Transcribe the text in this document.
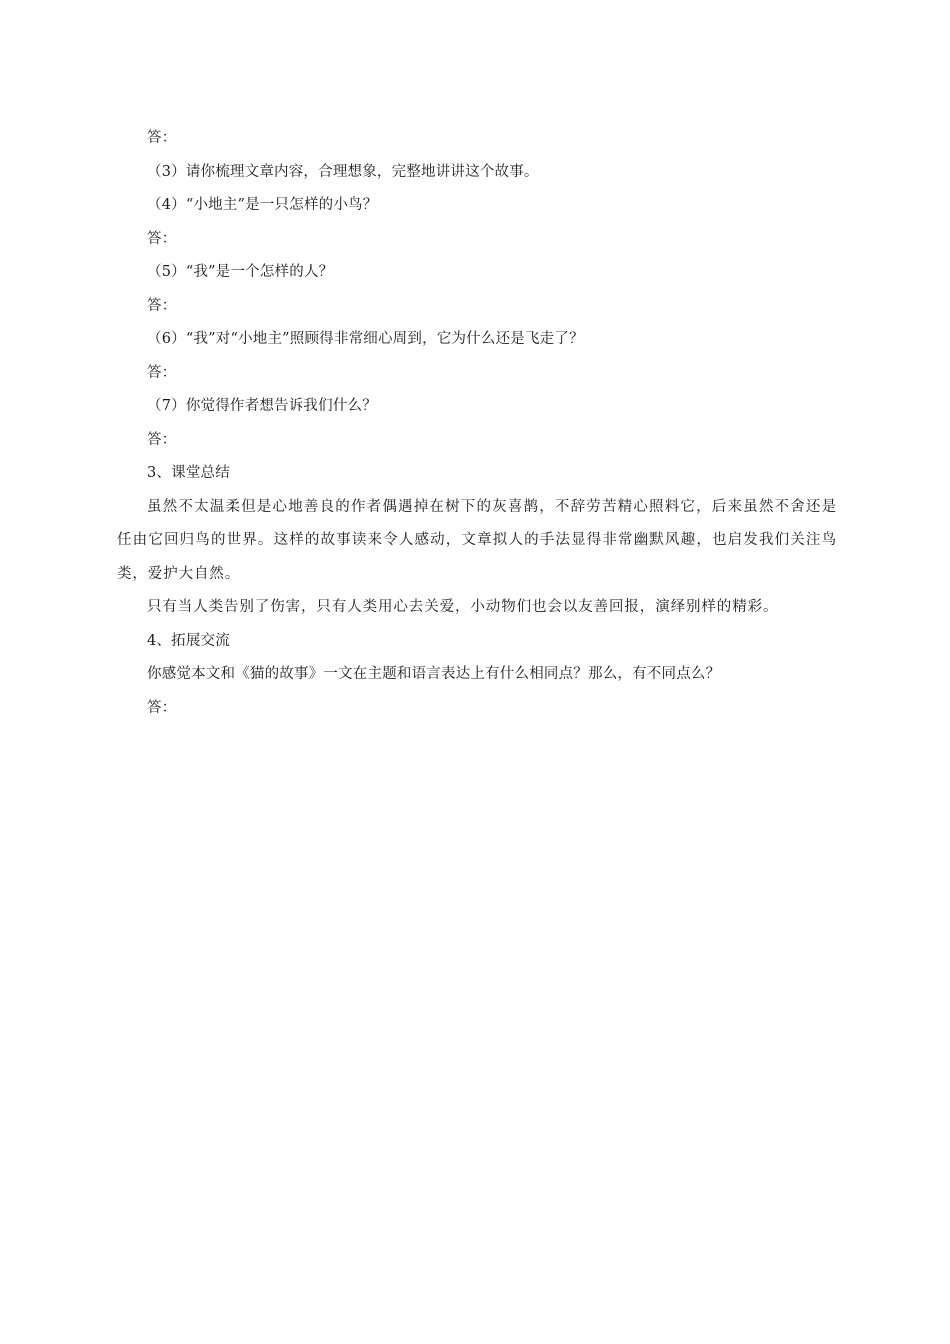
答：
（3）请你梳理文章内容，合理想象，完整地讲讲这个故事。
（4）“小地主”是一只怎样的小鸟？
答：
（5）“我”是一个怎样的人？
答：
（6）“我”对“小地主”照顾得非常细心周到，它为什么还是飞走了？
答：
（7）你觉得作者想告诉我们什么？
答：
3、课堂总结
虽然不太温柔但是心地善良的作者偶遇掉在树下的灰喜鹊，不辞劳苦精心照料它，后来虽然不舍还是任由它回归鸟的世界。这样的故事读来令人感动，文章拟人的手法显得非常幽默风趣，也启发我们关注鸟类，爱护大自然。
只有当人类告别了伤害，只有人类用心去关爱，小动物们也会以友善回报，演绎别样的精彩。
4、拓展交流
你感觉本文和《猫的故事》一文在主题和语言表达上有什么相同点？那么，有不同点么？
答：
